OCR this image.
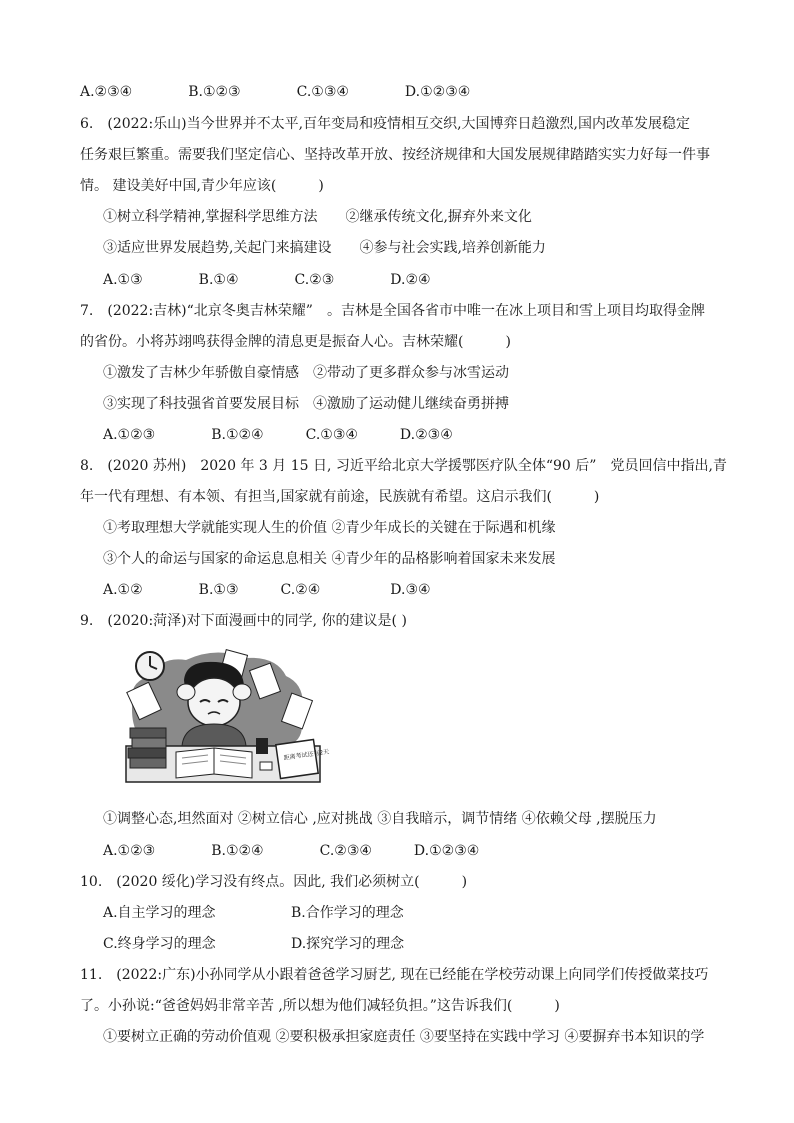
A.②③④　　　　B.①②③　　　　C.①③④　　　　D.①②③④
6.　(2022:乐山)当今世界并不太平,百年变局和疫情相互交织,大国博弈日趋激烈,国内改革发展稳定
任务艰巨繁重。需要我们坚定信心、坚持改革开放、按经济规律和大国发展规律踏踏实实力好每一件事
情。 建设美好中国,青少年应该(　　　)
①树立科学精神,掌握科学思维方法　　②继承传统文化,摒弃外来文化
③适应世界发展趋势,关起门来搞建设　　④参与社会实践,培养创新能力
A.①③　　　　B.①④　　　　C.②③　　　　D.②④
7.　(2022:吉林)“北京冬奥吉林荣耀”　。吉林是全国各省市中唯一在冰上项目和雪上项目均取得金牌
的省份。小将苏翊鸣获得金牌的清息更是振奋人心。吉林荣耀(　　　)
①激发了吉林少年骄傲自豪情感　②带动了更多群众参与冰雪运动
③实现了科技强省首要发展目标　④激励了运动健儿继续奋勇拼搏
A.①②③　　　　B.①②④　　　C.①③④　　　D.②③④
8.　(2020 苏州)　2020 年 3 月 15 日, 习近平给北京大学援鄂医疗队全体“90 后”　党员回信中指出,青
年一代有理想、有本领、有担当,国家就有前途，民族就有希望。这启示我们(　　　)
①考取理想大学就能实现人生的价值 ②青少年成长的关键在于际遇和机缘
③个人的命运与国家的命运息息相关 ④青少年的品格影响着国家未来发展
A.①②　　　　B.①③　　　C.②④　　　　　D.③④
9.　(2020:菏泽)对下面漫画中的同学, 你的建议是( )
距离考试还有2天
①调整心态,坦然面对 ②树立信心 ,应对挑战 ③自我暗示，调节情绪 ④依赖父母 ,摆脱压力
A.①②③　　　　B.①②④　　　　C.②③④　　　D.①②③④
10.　(2020 绥化)学习没有终点。因此, 我们必须树立(　　　)
A.自主学习的理念	B.合作学习的理念
C.终身学习的理念	D.探究学习的理念
11.　(2022:广东)小孙同学从小跟着爸爸学习厨艺, 现在已经能在学校劳动课上向同学们传授做菜技巧
了。小孙说:“爸爸妈妈非常辛苦 ,所以想为他们减轻负担。”这告诉我们(　　　)
①要树立正确的劳动价值观 ②要积极承担家庭责任 ③要坚持在实践中学习 ④要摒弃书本知识的学
